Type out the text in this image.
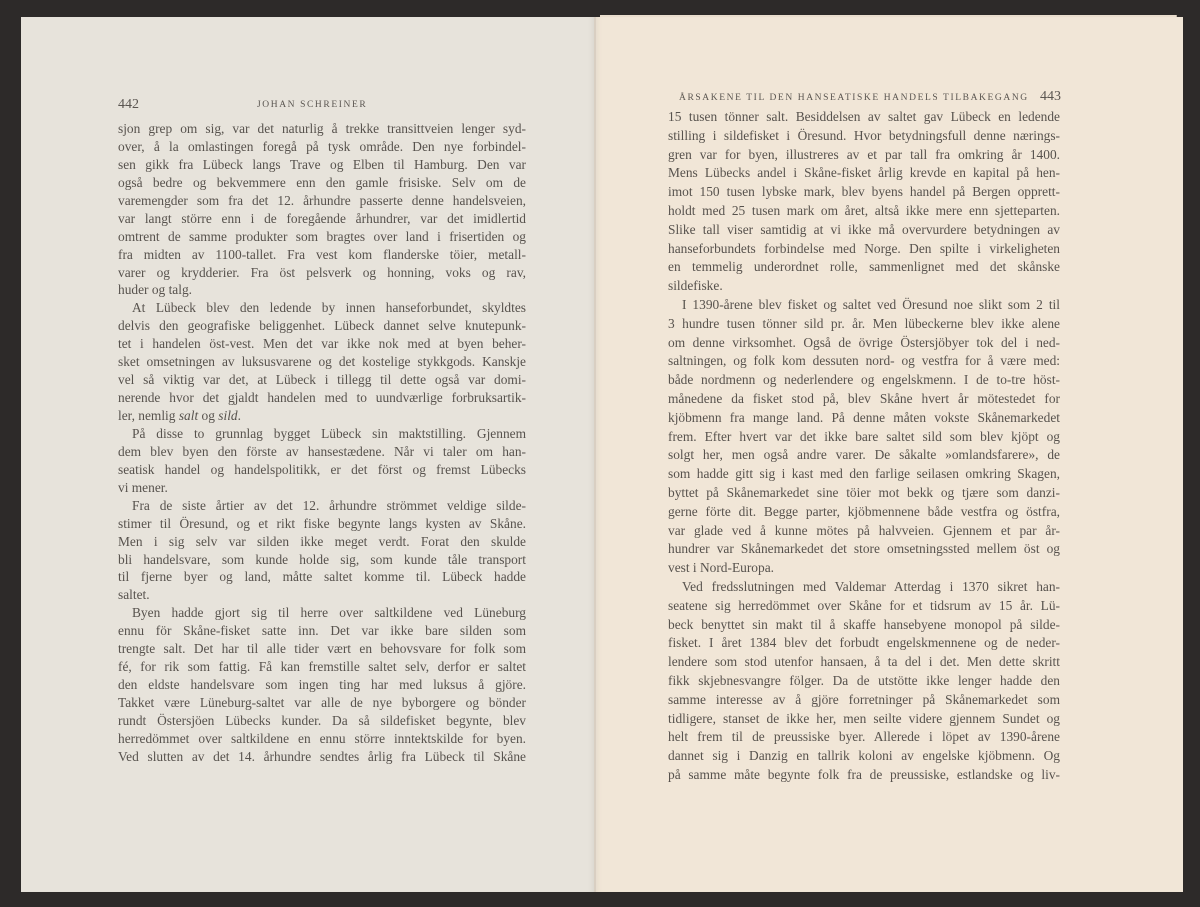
442	JOHAN SCHREINER
sjon grep om sig, var det naturlig å trekke transittveien lenger syd-
over, å la omlastingen foregå på tysk område. Den nye forbindel-
sen gikk fra Lübeck langs Trave og Elben til Hamburg. Den var
også bedre og bekvemmere enn den gamle frisiske. Selv om de
varemengder som fra det 12. århundre passerte denne handelsveien,
var langt större enn i de foregående århundrer, var det imidlertid
omtrent de samme produkter som bragtes over land i frisertiden og
fra midten av 1100-tallet. Fra vest kom flanderske töier, metall-
varer og krydderier. Fra öst pelsverk og honning, voks og rav,
huder og talg.
At Lübeck blev den ledende by innen hanseforbundet, skyldtes
delvis den geografiske beliggenhet. Lübeck dannet selve knutepunk-
tet i handelen öst-vest. Men det var ikke nok med at byen beher-
sket omsetningen av luksusvarene og det kostelige stykkgods. Kanskje
vel så viktig var det, at Lübeck i tillegg til dette også var domi-
nerende hvor det gjaldt handelen med to uundværlige forbruksartik-
ler, nemlig salt og sild.
På disse to grunnlag bygget Lübeck sin maktstilling. Gjennem
dem blev byen den förste av hansestædene. Når vi taler om han-
seatisk handel og handelspolitikk, er det först og fremst Lübecks
vi mener.
Fra de siste årtier av det 12. århundre strömmet veldige silde-
stimer til Öresund, og et rikt fiske begynte langs kysten av Skåne.
Men i sig selv var silden ikke meget verdt. Forat den skulde
bli handelsvare, som kunde holde sig, som kunde tåle transport
til fjerne byer og land, måtte saltet komme til. Lübeck hadde
saltet.
Byen hadde gjort sig til herre over saltkildene ved Lüneburg
ennu för Skåne-fisket satte inn. Det var ikke bare silden som
trengte salt. Det har til alle tider vært en behovsvare for folk som
fé, for rik som fattig. Få kan fremstille saltet selv, derfor er saltet
den eldste handelsvare som ingen ting har med luksus å gjöre.
Takket være Lüneburg-saltet var alle de nye byborgere og bönder
rundt Östersjöen Lübecks kunder. Da så sildefisket begynte, blev
herredömmet over saltkildene en ennu större inntektskilde for byen.
Ved slutten av det 14. århundre sendtes årlig fra Lübeck til Skåne
ÅRSAKENE TIL DEN HANSEATISKE HANDELS TILBAKEGANG 443
15 tusen tönner salt. Besiddelsen av saltet gav Lübeck en ledende
stilling i sildefisket i Öresund. Hvor betydningsfull denne nærings-
gren var for byen, illustreres av et par tall fra omkring år 1400.
Mens Lübecks andel i Skåne-fisket årlig krevde en kapital på hen-
imot 150 tusen lybske mark, blev byens handel på Bergen opprett-
holdt med 25 tusen mark om året, altså ikke mere enn sjetteparten.
Slike tall viser samtidig at vi ikke må overvurdere betydningen av
hanseforbundets forbindelse med Norge. Den spilte i virkeligheten
en temmelig underordnet rolle, sammenlignet med det skånske
sildefiske.
I 1390-årene blev fisket og saltet ved Öresund noe slikt som 2 til
3 hundre tusen tönner sild pr. år. Men lübeckerne blev ikke alene
om denne virksomhet. Også de övrige Östersjöbyer tok del i ned-
saltningen, og folk kom dessuten nord- og vestfra for å være med:
både nordmenn og nederlendere og engelskmenn. I de to-tre höst-
månedene da fisket stod på, blev Skåne hvert år mötestedet for
kjöbmenn fra mange land. På denne måten vokste Skånemarkedet
frem. Efter hvert var det ikke bare saltet sild som blev kjöpt og
solgt her, men også andre varer. De såkalte »omlandsfarere», de
som hadde gitt sig i kast med den farlige seilasen omkring Skagen,
byttet på Skånemarkedet sine töier mot bekk og tjære som danzi-
gerne förte dit. Begge parter, kjöbmennene både vestfra og östfra,
var glade ved å kunne mötes på halvveien. Gjennem et par år-
hundrer var Skånemarkedet det store omsetningssted mellem öst og
vest i Nord-Europa.
Ved fredsslutningen med Valdemar Atterdag i 1370 sikret han-
seatene sig herredömmet over Skåne for et tidsrum av 15 år. Lü-
beck benyttet sin makt til å skaffe hansebyene monopol på silde-
fisket. I året 1384 blev det forbudt engelskmennene og de neder-
lendere som stod utenfor hansaen, å ta del i det. Men dette skritt
fikk skjebnesvangre fölger. Da de utstötte ikke lenger hadde den
samme interesse av å gjöre forretninger på Skånemarkedet som
tidligere, stanset de ikke her, men seilte videre gjennem Sundet og
helt frem til de preussiske byer. Allerede i löpet av 1390-årene
dannet sig i Danzig en tallrik koloni av engelske kjöbmenn. Og
på samme måte begynte folk fra de preussiske, estlandske og liv-
